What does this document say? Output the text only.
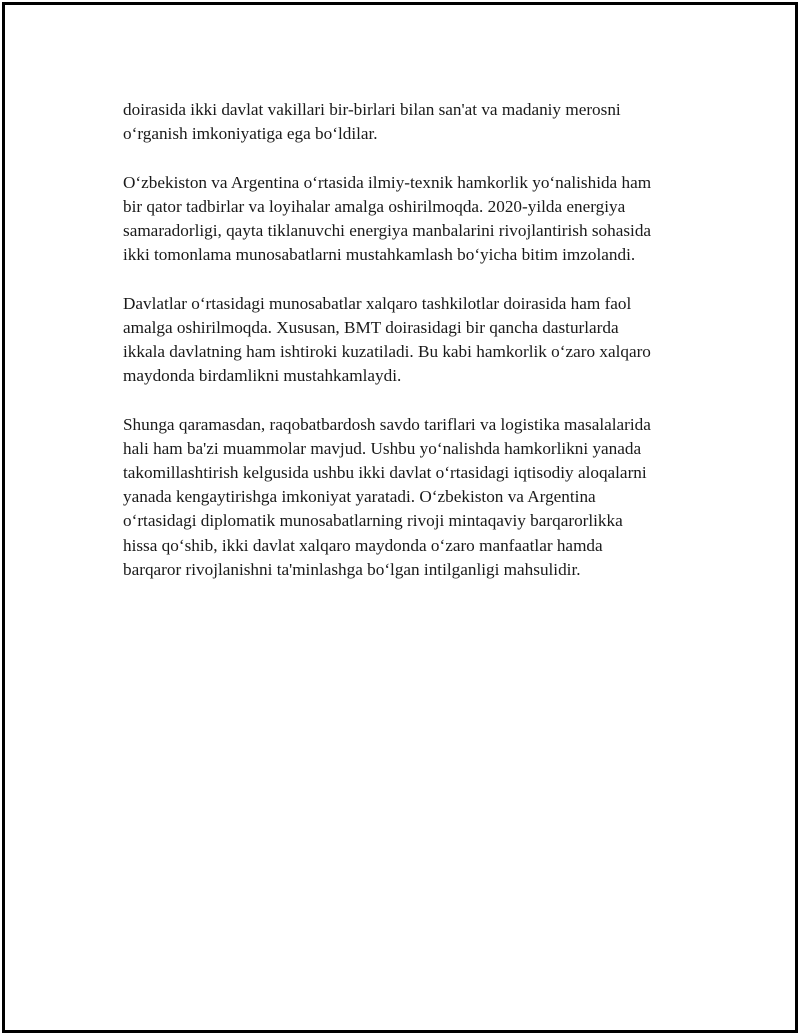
doirasida ikki davlat vakillari bir-birlari bilan san'at va madaniy merosni
o‘rganish imkoniyatiga ega bo‘ldilar.

O‘zbekiston va Argentina o‘rtasida ilmiy-texnik hamkorlik yo‘nalishida ham
bir qator tadbirlar va loyihalar amalga oshirilmoqda. 2020-yilda energiya
samaradorligi, qayta tiklanuvchi energiya manbalarini rivojlantirish sohasida
ikki tomonlama munosabatlarni mustahkamlash bo‘yicha bitim imzolandi.

Davlatlar o‘rtasidagi munosabatlar xalqaro tashkilotlar doirasida ham faol
amalga oshirilmoqda. Xususan, BMT doirasidagi bir qancha dasturlarda
ikkala davlatning ham ishtiroki kuzatiladi. Bu kabi hamkorlik o‘zaro xalqaro
maydonda birdamlikni mustahkamlaydi.

Shunga qaramasdan, raqobatbardosh savdo tariflari va logistika masalalarida
hali ham ba'zi muammolar mavjud. Ushbu yo‘nalishda hamkorlikni yanada
takomillashtirish kelgusida ushbu ikki davlat o‘rtasidagi iqtisodiy aloqalarni
yanada kengaytirishga imkoniyat yaratadi. O‘zbekiston va Argentina
o‘rtasidagi diplomatik munosabatlarning rivoji mintaqaviy barqarorlikka
hissa qo‘shib, ikki davlat xalqaro maydonda o‘zaro manfaatlar hamda
barqaror rivojlanishni ta'minlashga bo‘lgan intilganligi mahsulidir.
